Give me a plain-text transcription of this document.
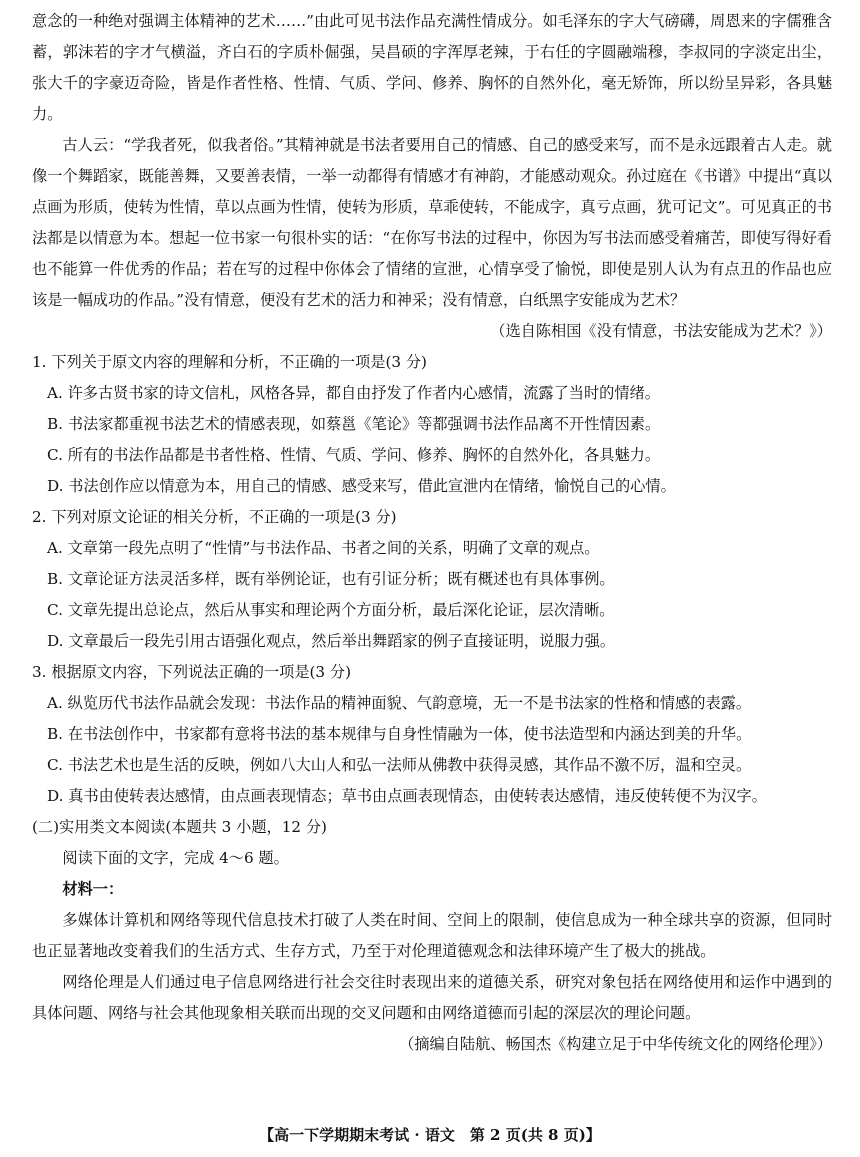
意念的一种绝对强调主体精神的艺术……”由此可见书法作品充满性情成分。如毛泽东的字大气磅礴，周恩来的字儒雅含蓄，郭沫若的字才气横溢，齐白石的字质朴倔强，吴昌硕的字浑厚老辣，于右任的字圆融端穆，李叔同的字淡定出尘，张大千的字豪迈奇险，皆是作者性格、性情、气质、学问、修养、胸怀的自然外化，毫无矫饰，所以纷呈异彩，各具魅力。

古人云：“学我者死，似我者俗。”其精神就是书法者要用自己的情感、自己的感受来写，而不是永远跟着古人走。就像一个舞蹈家，既能善舞，又要善表情，一举一动都得有情感才有神韵，才能感动观众。孙过庭在《书谱》中提出“真以点画为形质，使转为性情，草以点画为性情，使转为形质，草乖使转，不能成字，真亏点画，犹可记文”。可见真正的书法都是以情意为本。想起一位书家一句很朴实的话：“在你写书法的过程中，你因为写书法而感受着痛苦，即使写得好看也不能算一件优秀的作品；若在写的过程中你体会了情绪的宣泄，心情享受了愉悦，即使是别人认为有点丑的作品也应该是一幅成功的作品。”没有情意，便没有艺术的活力和神采；没有情意，白纸黑字安能成为艺术？

（选自陈相国《没有情意，书法安能成为艺术？》）

1. 下列关于原文内容的理解和分析，不正确的一项是(3 分)

A. 许多古贤书家的诗文信札，风格各异，都自由抒发了作者内心感情，流露了当时的情绪。

B. 书法家都重视书法艺术的情感表现，如蔡邕《笔论》等都强调书法作品离不开性情因素。

C. 所有的书法作品都是书者性格、性情、气质、学问、修养、胸怀的自然外化，各具魅力。

D. 书法创作应以情意为本，用自己的情感、感受来写，借此宣泄内在情绪，愉悦自己的心情。

2. 下列对原文论证的相关分析，不正确的一项是(3 分)

A. 文章第一段先点明了“性情”与书法作品、书者之间的关系，明确了文章的观点。

B. 文章论证方法灵活多样，既有举例论证，也有引证分析；既有概述也有具体事例。

C. 文章先提出总论点，然后从事实和理论两个方面分析，最后深化论证，层次清晰。

D. 文章最后一段先引用古语强化观点，然后举出舞蹈家的例子直接证明，说服力强。

3. 根据原文内容，下列说法正确的一项是(3 分)

A. 纵览历代书法作品就会发现：书法作品的精神面貌、气韵意境，无一不是书法家的性格和情感的表露。

B. 在书法创作中，书家都有意将书法的基本规律与自身性情融为一体，使书法造型和内涵达到美的升华。

C. 书法艺术也是生活的反映，例如八大山人和弘一法师从佛教中获得灵感，其作品不激不厉，温和空灵。

D. 真书由使转表达感情，由点画表现情态；草书由点画表现情态，由使转表达感情，违反使转便不为汉字。

(二)实用类文本阅读(本题共 3 小题，12 分)

阅读下面的文字，完成 4～6 题。

材料一：

多媒体计算机和网络等现代信息技术打破了人类在时间、空间上的限制，使信息成为一种全球共享的资源，但同时也正显著地改变着我们的生活方式、生存方式，乃至于对伦理道德观念和法律环境产生了极大的挑战。

网络伦理是人们通过电子信息网络进行社会交往时表现出来的道德关系，研究对象包括在网络使用和运作中遇到的具体问题、网络与社会其他现象相关联而出现的交叉问题和由网络道德而引起的深层次的理论问题。

（摘编自陆航、畅国杰《构建立足于中华传统文化的网络伦理》）

【高一下学期期末考试 · 语文　第 2 页(共 8 页)】
